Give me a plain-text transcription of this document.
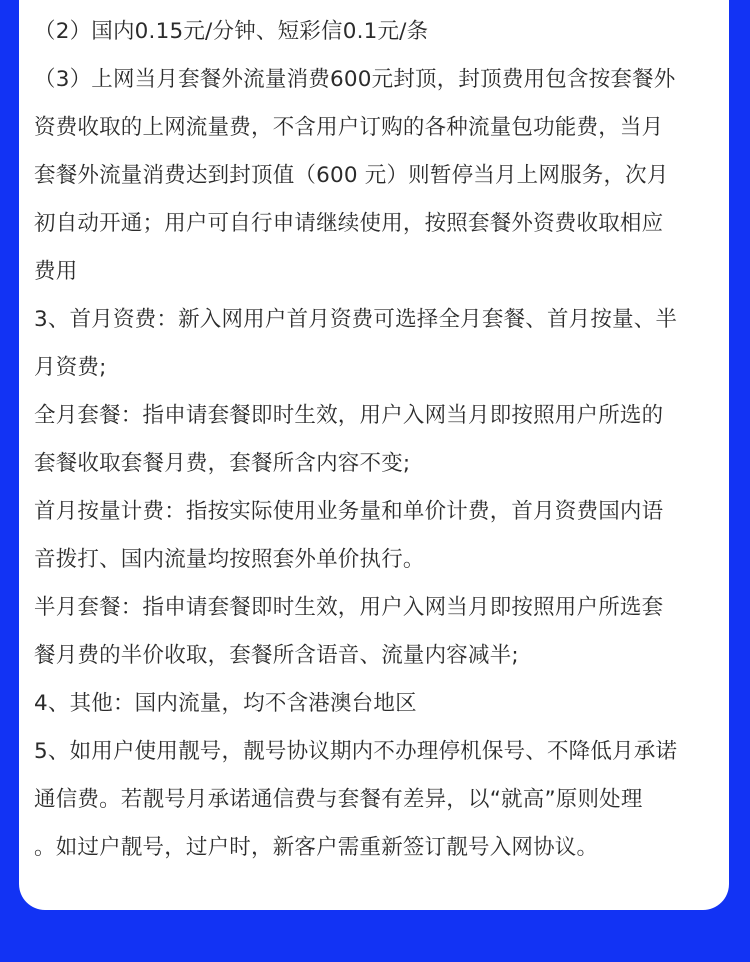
（2）国内0.15元/分钟、短彩信0.1元/条
（3）上网当月套餐外流量消费600元封顶，封顶费用包含按套餐外
资费收取的上网流量费，不含用户订购的各种流量包功能费，当月
套餐外流量消费达到封顶值（600 元）则暂停当月上网服务，次月
初自动开通；用户可自行申请继续使用，按照套餐外资费收取相应
费用
3、首月资费：新入网用户首月资费可选择全月套餐、首月按量、半
月资费;
全月套餐：指申请套餐即时生效，用户入网当月即按照用户所选的
套餐收取套餐月费，套餐所含内容不变;
首月按量计费：指按实际使用业务量和单价计费，首月资费国内语
音拨打、国内流量均按照套外单价执行。
半月套餐：指申请套餐即时生效，用户入网当月即按照用户所选套
餐月费的半价收取，套餐所含语音、流量内容减半;
4、其他：国内流量，均不含港澳台地区
5、如用户使用靓号，靓号协议期内不办理停机保号、不降低月承诺
通信费。若靓号月承诺通信费与套餐有差异，以“就高”原则处理
。如过户靓号，过户时，新客户需重新签订靓号入网协议。
